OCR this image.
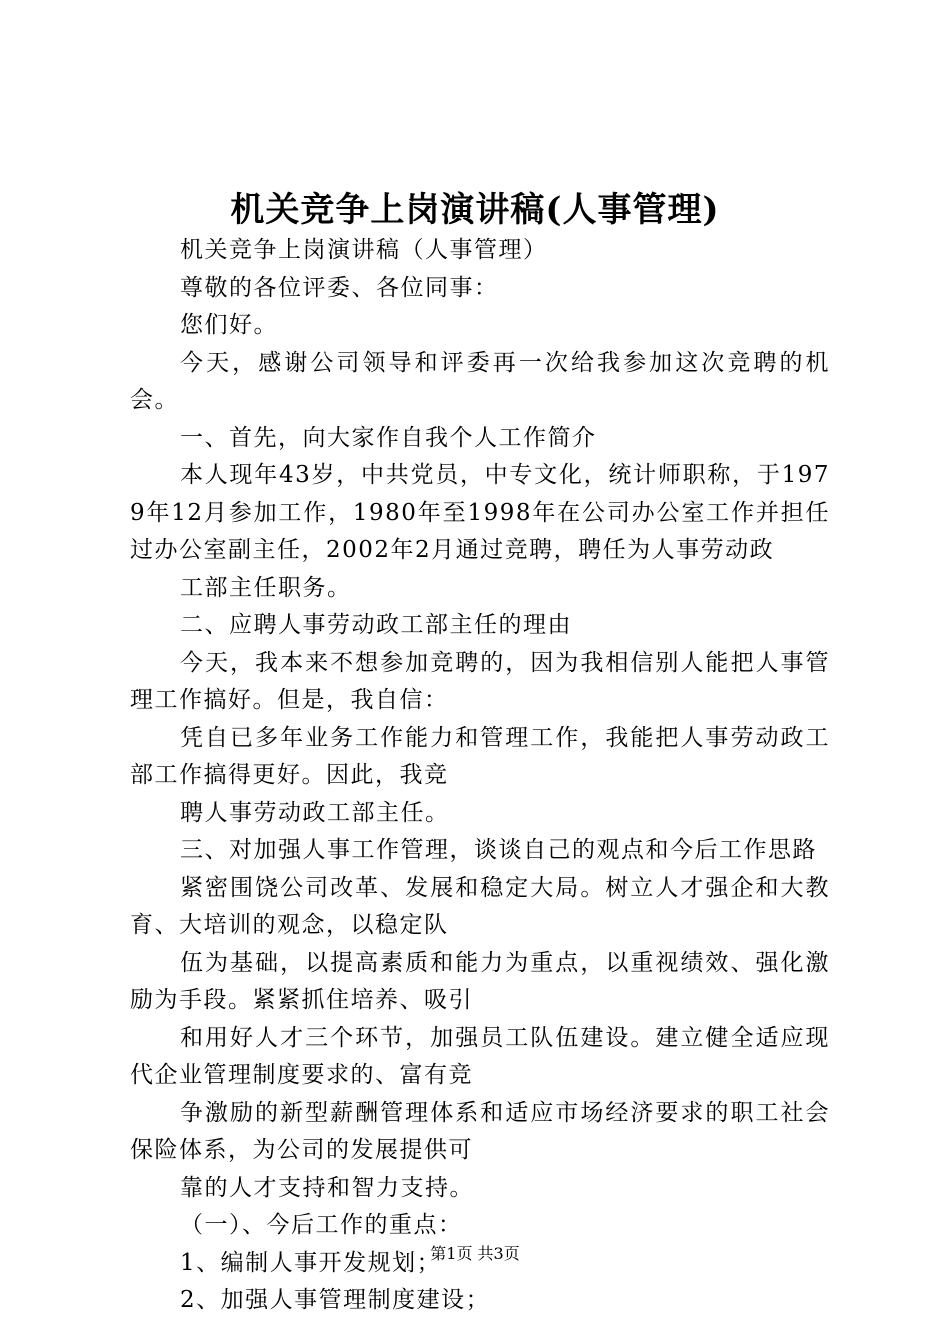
机关竞争上岗演讲稿(人事管理)

机关竞争上岗演讲稿（人事管理）

尊敬的各位评委、各位同事：

您们好。

今天，感谢公司领导和评委再一次给我参加这次竞聘的机会。

一、首先，向大家作自我个人工作简介

本人现年43岁，中共党员，中专文化，统计师职称，于1979年12月参加工作，1980年至1998年在公司办公室工作并担任过办公室副主任，2002年2月通过竞聘，聘任为人事劳动政

工部主任职务。

二、应聘人事劳动政工部主任的理由

今天，我本来不想参加竞聘的，因为我相信别人能把人事管理工作搞好。但是，我自信：

凭自已多年业务工作能力和管理工作，我能把人事劳动政工部工作搞得更好。因此，我竞

聘人事劳动政工部主任。

三、对加强人事工作管理，谈谈自己的观点和今后工作思路

紧密围饶公司改革、发展和稳定大局。树立人才强企和大教育、大培训的观念，以稳定队

伍为基础，以提高素质和能力为重点，以重视绩效、强化激励为手段。紧紧抓住培养、吸引

和用好人才三个环节，加强员工队伍建设。建立健全适应现代企业管理制度要求的、富有竞

争激励的新型薪酬管理体系和适应市场经济要求的职工社会保险体系，为公司的发展提供可

靠的人才支持和智力支持。

（一）、今后工作的重点：

1、编制人事开发规划；

2、加强人事管理制度建设；

第1页 共3页
